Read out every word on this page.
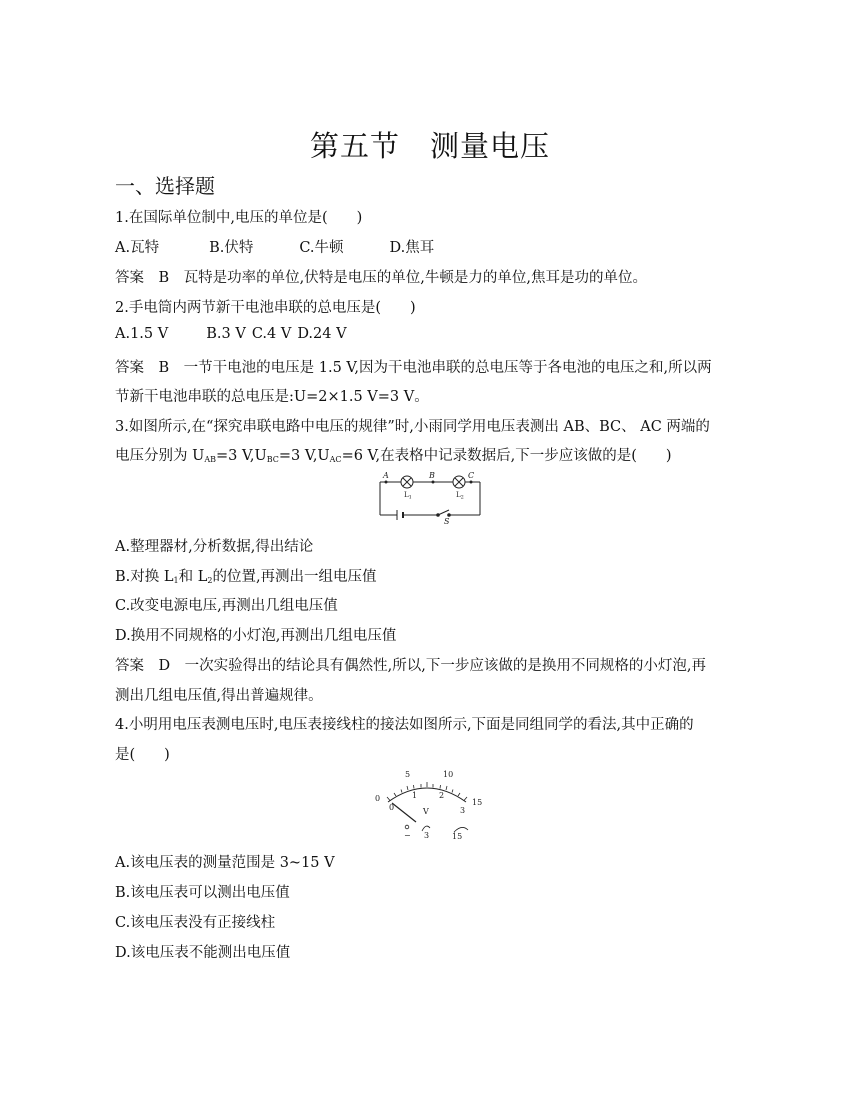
第五节　测量电压
一、选择题
1.在国际单位制中,电压的单位是(　　)
A.瓦特	B.伏特	C.牛顿	D.焦耳
答案　B　瓦特是功率的单位,伏特是电压的单位,牛顿是力的单位,焦耳是功的单位。
2.手电筒内两节新干电池串联的总电压是(　　)
A.1.5 V	B.3 V C.4 V D.24 V
答案　B　一节干电池的电压是 1.5 V,因为干电池串联的总电压等于各电池的电压之和,所以两
节新干电池串联的总电压是:U=2×1.5 V=3 V。
3.如图所示,在“探究串联电路中电压的规律”时,小雨同学用电压表测出 AB、BC、 AC 两端的
电压分别为 $U_{AB}=3$ $V,U_{BC}=3$ $V,U_{AC}=6$ V,在表格中记录数据后,下一步应该做的是(　　)
A	B	C
S
$L_1$	$L_2$
A.整理器材,分析数据,得出结论
B.对换 $L_1$和 $L_2$的位置,再测出一组电压值
C.改变电源电压,再测出几组电压值
D.换用不同规格的小灯泡,再测出几组电压值
答案　D　一次实验得出的结论具有偶然性,所以,下一步应该做的是换用不同规格的小灯泡,再
测出几组电压值,得出普遍规律。
4.小明用电压表测电压时,电压表接线柱的接法如图所示,下面是同组同学的看法,其中正确的
是(　　)
0
5	10
15
0
1	2
3
V
− 3	15
A.该电压表的测量范围是 3~15 V
B.该电压表可以测出电压值
C.该电压表没有正接线柱
D.该电压表不能测出电压值
